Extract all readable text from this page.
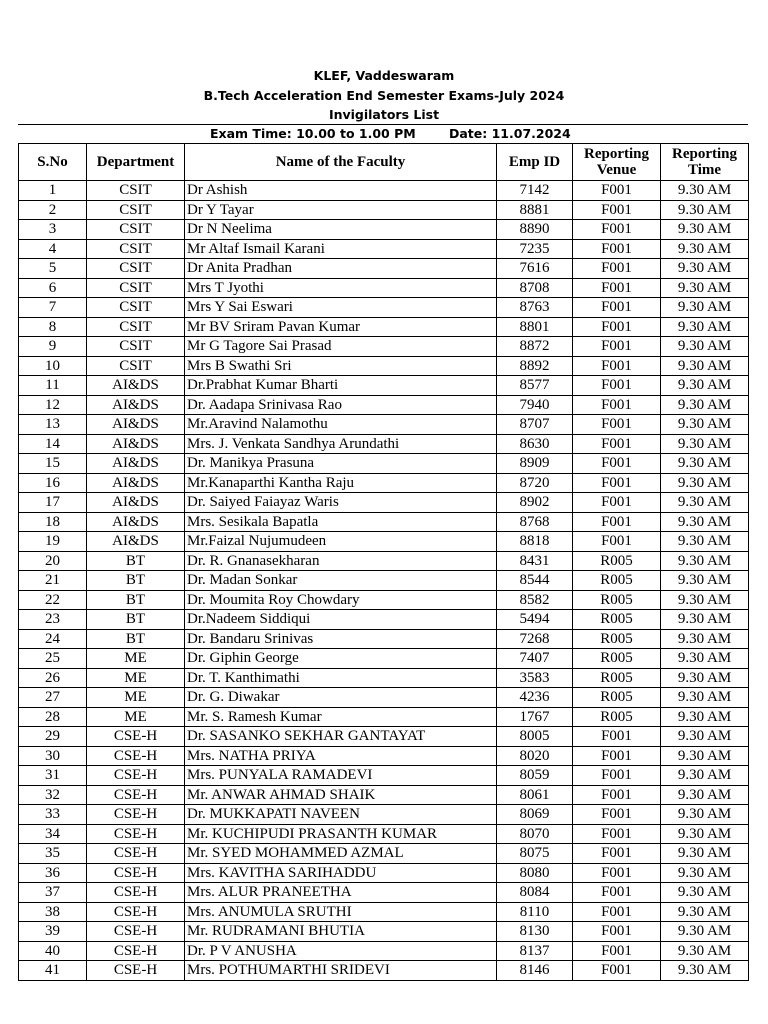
KLEF, Vaddeswaram
B.Tech Acceleration End Semester Exams-July 2024
Invigilators List
Exam Time: 10.00 to 1.00 PM	Date: 11.07.2024
S.No	Department	Name of the Faculty	Emp ID	Reporting Venue	Reporting Time
1	CSIT	Dr Ashish	7142	F001	9.30 AM
2	CSIT	Dr Y Tayar	8881	F001	9.30 AM
3	CSIT	Dr N Neelima	8890	F001	9.30 AM
4	CSIT	Mr Altaf Ismail Karani	7235	F001	9.30 AM
5	CSIT	Dr Anita Pradhan	7616	F001	9.30 AM
6	CSIT	Mrs T Jyothi	8708	F001	9.30 AM
7	CSIT	Mrs Y Sai Eswari	8763	F001	9.30 AM
8	CSIT	Mr BV Sriram Pavan Kumar	8801	F001	9.30 AM
9	CSIT	Mr G Tagore Sai Prasad	8872	F001	9.30 AM
10	CSIT	Mrs B Swathi Sri	8892	F001	9.30 AM
11	AI&DS	Dr.Prabhat Kumar Bharti	8577	F001	9.30 AM
12	AI&DS	Dr. Aadapa Srinivasa Rao	7940	F001	9.30 AM
13	AI&DS	Mr.Aravind Nalamothu	8707	F001	9.30 AM
14	AI&DS	Mrs. J. Venkata Sandhya Arundathi	8630	F001	9.30 AM
15	AI&DS	Dr. Manikya Prasuna	8909	F001	9.30 AM
16	AI&DS	Mr.Kanaparthi Kantha Raju	8720	F001	9.30 AM
17	AI&DS	Dr. Saiyed Faiayaz Waris	8902	F001	9.30 AM
18	AI&DS	Mrs. Sesikala Bapatla	8768	F001	9.30 AM
19	AI&DS	Mr.Faizal Nujumudeen	8818	F001	9.30 AM
20	BT	Dr. R. Gnanasekharan	8431	R005	9.30 AM
21	BT	Dr. Madan Sonkar	8544	R005	9.30 AM
22	BT	Dr. Moumita Roy Chowdary	8582	R005	9.30 AM
23	BT	Dr.Nadeem Siddiqui	5494	R005	9.30 AM
24	BT	Dr. Bandaru Srinivas	7268	R005	9.30 AM
25	ME	Dr. Giphin George	7407	R005	9.30 AM
26	ME	Dr. T. Kanthimathi	3583	R005	9.30 AM
27	ME	Dr. G. Diwakar	4236	R005	9.30 AM
28	ME	Mr. S. Ramesh Kumar	1767	R005	9.30 AM
29	CSE-H	Dr. SASANKO SEKHAR GANTAYAT	8005	F001	9.30 AM
30	CSE-H	Mrs. NATHA PRIYA	8020	F001	9.30 AM
31	CSE-H	Mrs. PUNYALA RAMADEVI	8059	F001	9.30 AM
32	CSE-H	Mr. ANWAR AHMAD SHAIK	8061	F001	9.30 AM
33	CSE-H	Dr. MUKKAPATI NAVEEN	8069	F001	9.30 AM
34	CSE-H	Mr. KUCHIPUDI PRASANTH KUMAR	8070	F001	9.30 AM
35	CSE-H	Mr. SYED MOHAMMED AZMAL	8075	F001	9.30 AM
36	CSE-H	Mrs. KAVITHA SARIHADDU	8080	F001	9.30 AM
37	CSE-H	Mrs. ALUR PRANEETHA	8084	F001	9.30 AM
38	CSE-H	Mrs. ANUMULA SRUTHI	8110	F001	9.30 AM
39	CSE-H	Mr. RUDRAMANI BHUTIA	8130	F001	9.30 AM
40	CSE-H	Dr. P V ANUSHA	8137	F001	9.30 AM
41	CSE-H	Mrs. POTHUMARTHI SRIDEVI	8146	F001	9.30 AM
